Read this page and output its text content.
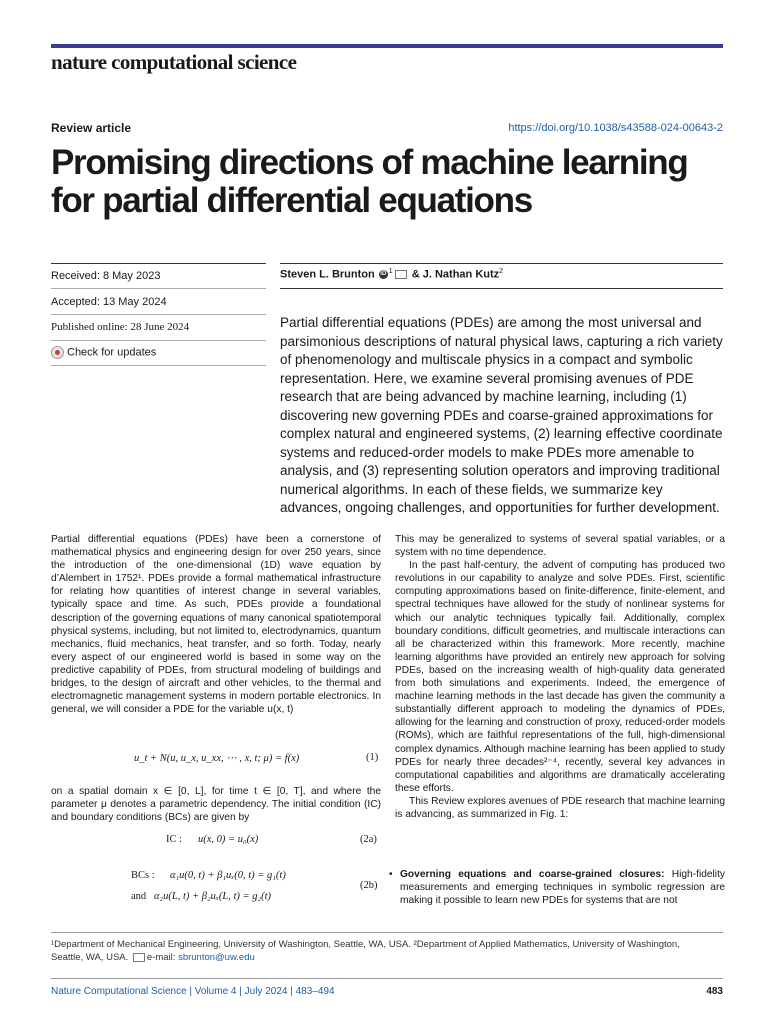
nature computational science
Review article	https://doi.org/10.1038/s43588-024-00643-2
Promising directions of machine learning
for partial differential equations
Received: 8 May 2023
Accepted: 13 May 2024
Published online: 28 June 2024
Check for updates
Steven L. Brunton iD $^1$ & J. Nathan Kutz$^2$
Partial differential equations (PDEs) are among the most universal and parsimonious descriptions of natural physical laws, capturing a rich variety of phenomenology and multiscale physics in a compact and symbolic representation. Here, we examine several promising avenues of PDE research that are being advanced by machine learning, including (1) discovering new governing PDEs and coarse-grained approximations for complex natural and engineered systems, (2) learning effective coordinate systems and reduced-order models to make PDEs more amenable to analysis, and (3) representing solution operators and improving traditional numerical algorithms. In each of these fields, we summarize key advances, ongoing challenges, and opportunities for further development.

Partial differential equations (PDEs) have been a cornerstone of mathematical physics and engineering design for over 250 years, since the introduction of the one-dimensional (1D) wave equation by d’Alembert in 1752¹. PDEs provide a formal mathematical infrastructure for relating how quantities of interest change in several variables, typically space and time. As such, PDEs provide a foundational description of the governing equations of many canonical spatiotemporal physical systems, including, but not limited to, electrodynamics, quantum mechanics, fluid mechanics, heat transfer, and so forth. Today, nearly every aspect of our engineered world is based in some way on the predictive capability of PDEs, from structural modeling of buildings and bridges, to the design of aircraft and other vehicles, to the thermal and electromagnetic management systems in modern portable electronics. In general, we will consider a PDE for the variable u(x, t)

u_t + N(u, u_x, u_xx, ⋯ , x, t; μ) = f(x)	(1)

on a spatial domain x ∈ [0, L], for time t ∈ [0, T], and where the parameter μ denotes a parametric dependency. The initial condition (IC) and boundary conditions (BCs) are given by

IC : u(x, 0) = u₀(x)	(2a)
BCs : α₁u(0, t) + β₁uₓ(0, t) = g₁(t)
and α₂u(L, t) + β₂uₓ(L, t) = g₂(t)
(2b)

This may be generalized to systems of several spatial variables, or a system with no time dependence.

In the past half-century, the advent of computing has produced two revolutions in our capability to analyze and solve PDEs. First, scientific computing approximations based on finite-difference, finite-element, and spectral techniques have allowed for the study of nonlinear systems for which our analytic techniques typically fail. Additionally, complex boundary conditions, difficult geometries, and multiscale interactions can all be characterized within this framework. More recently, machine learning algorithms have provided an entirely new approach for solving PDEs, based on the increasing wealth of high-quality data generated from both simulations and experiments. Indeed, the emergence of machine learning methods in the last decade has given the community a substantially different approach to modeling the dynamics of PDEs, allowing for the learning and construction of proxy, reduced-order models (ROMs), which are faithful representations of the full, high-dimensional complex dynamics. Although machine learning has been applied to study PDEs for nearly three decades²⁻⁴, recently, several key advances in computational capabilities and algorithms are dramatically accelerating these efforts.

This Review explores avenues of PDE research that machine learning is advancing, as summarized in Fig. 1:

• Governing equations and coarse-grained closures: High-fidelity measurements and emerging techniques in symbolic regression are making it possible to learn new PDEs for systems that are not
¹Department of Mechanical Engineering, University of Washington, Seattle, WA, USA. ²Department of Applied Mathematics, University of Washington,
Seattle, WA, USA. e-mail: sbrunton@uw.edu
Nature Computational Science | Volume 4 | July 2024 | 483–494	483
